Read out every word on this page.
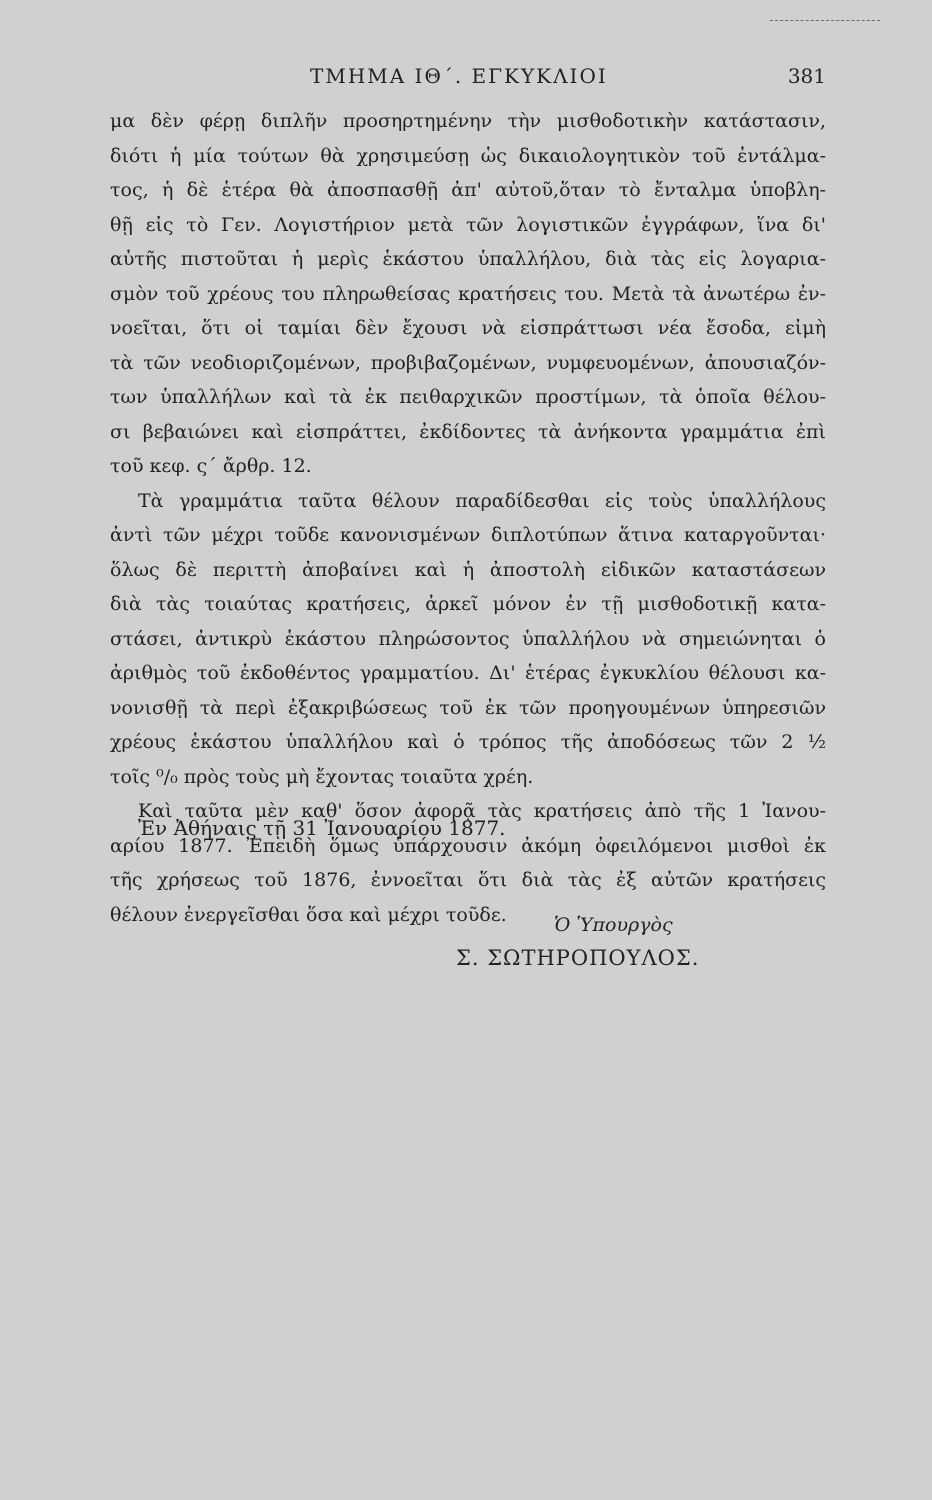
ΤΜΗΜΑ ΙΘ΄. ΕΓΚΥΚΛΙΟΙ	381
μα δὲν φέρῃ διπλῆν προσηρτημένην τὴν μισθοδοτικὴν κατάστασιν,
διότι ἡ μία τούτων θὰ χρησιμεύσῃ ὡς δικαιολογητικὸν τοῦ ἐντάλμα-
τος, ἡ δὲ ἑτέρα θὰ ἀποσπασθῇ ἀπ' αὐτοῦ,ὅταν τὸ ἔνταλμα ὑποβλη-
θῇ εἰς τὸ Γεν. Λογιστήριον μετὰ τῶν λογιστικῶν ἐγγράφων, ἵνα δι'
αὐτῆς πιστοῦται ἡ μερὶς ἑκάστου ὑπαλλήλου, διὰ τὰς εἰς λογαρια-
σμὸν τοῦ χρέους του πληρωθείσας κρατήσεις του. Μετὰ τὰ ἀνωτέρω ἐν-
νοεῖται, ὅτι οἱ ταμίαι δὲν ἔχουσι νὰ εἰσπράττωσι νέα ἔσοδα, εἰμὴ
τὰ τῶν νεοδιοριζομένων, προβιβαζομένων, νυμφευομένων, ἀπουσιαζόν-
των ὑπαλλήλων καὶ τὰ ἐκ πειθαρχικῶν προστίμων, τὰ ὁποῖα θέλου-
σι βεβαιώνει καὶ εἰσπράττει, ἐκδίδοντες τὰ ἀνήκοντα γραμμάτια ἐπὶ
τοῦ κεφ. ς΄ ἄρθρ. 12.
Τὰ γραμμάτια ταῦτα θέλουν παραδίδεσθαι εἰς τοὺς ὑπαλλήλους
ἀντὶ τῶν μέχρι τοῦδε κανονισμένων διπλοτύπων ἅτινα καταργοῦνται·
ὅλως δὲ περιττὴ ἀποβαίνει καὶ ἡ ἀποστολὴ εἰδικῶν καταστάσεων
διὰ τὰς τοιαύτας κρατήσεις, ἀρκεῖ μόνον ἐν τῇ μισθοδοτικῇ κατα-
στάσει, ἀντικρὺ ἑκάστου πληρώσοντος ὑπαλλήλου νὰ σημειώνηται ὁ
ἀριθμὸς τοῦ ἐκδοθέντος γραμματίου. Δι' ἑτέρας ἐγκυκλίου θέλουσι κα-
νονισθῇ τὰ περὶ ἐξακριβώσεως τοῦ ἐκ τῶν προηγουμένων ὑπηρεσιῶν
χρέους ἑκάστου ὑπαλλήλου καὶ ὁ τρόπος τῆς ἀποδόσεως τῶν 2 ½
τοῖς ⁰/₀ πρὸς τοὺς μὴ ἔχοντας τοιαῦτα χρέη.
Καὶ ταῦτα μὲν καθ' ὅσον ἀφορᾷ τὰς κρατήσεις ἀπὸ τῆς 1 Ἰανου-
αρίου 1877. Ἐπειδὴ ὅμως ὑπάρχουσιν ἀκόμη ὀφειλόμενοι μισθοὶ ἐκ
τῆς χρήσεως τοῦ 1876, ἐννοεῖται ὅτι διὰ τὰς ἐξ αὐτῶν κρατήσεις
θέλουν ἐνεργεῖσθαι ὅσα καὶ μέχρι τοῦδε.
Ἐν Ἀθήναις τῇ 31 Ἰανουαρίου 1877.
Ὁ Ὑπουργὸς
Σ. ΣΩΤΗΡΟΠΟΥΛΟΣ.
